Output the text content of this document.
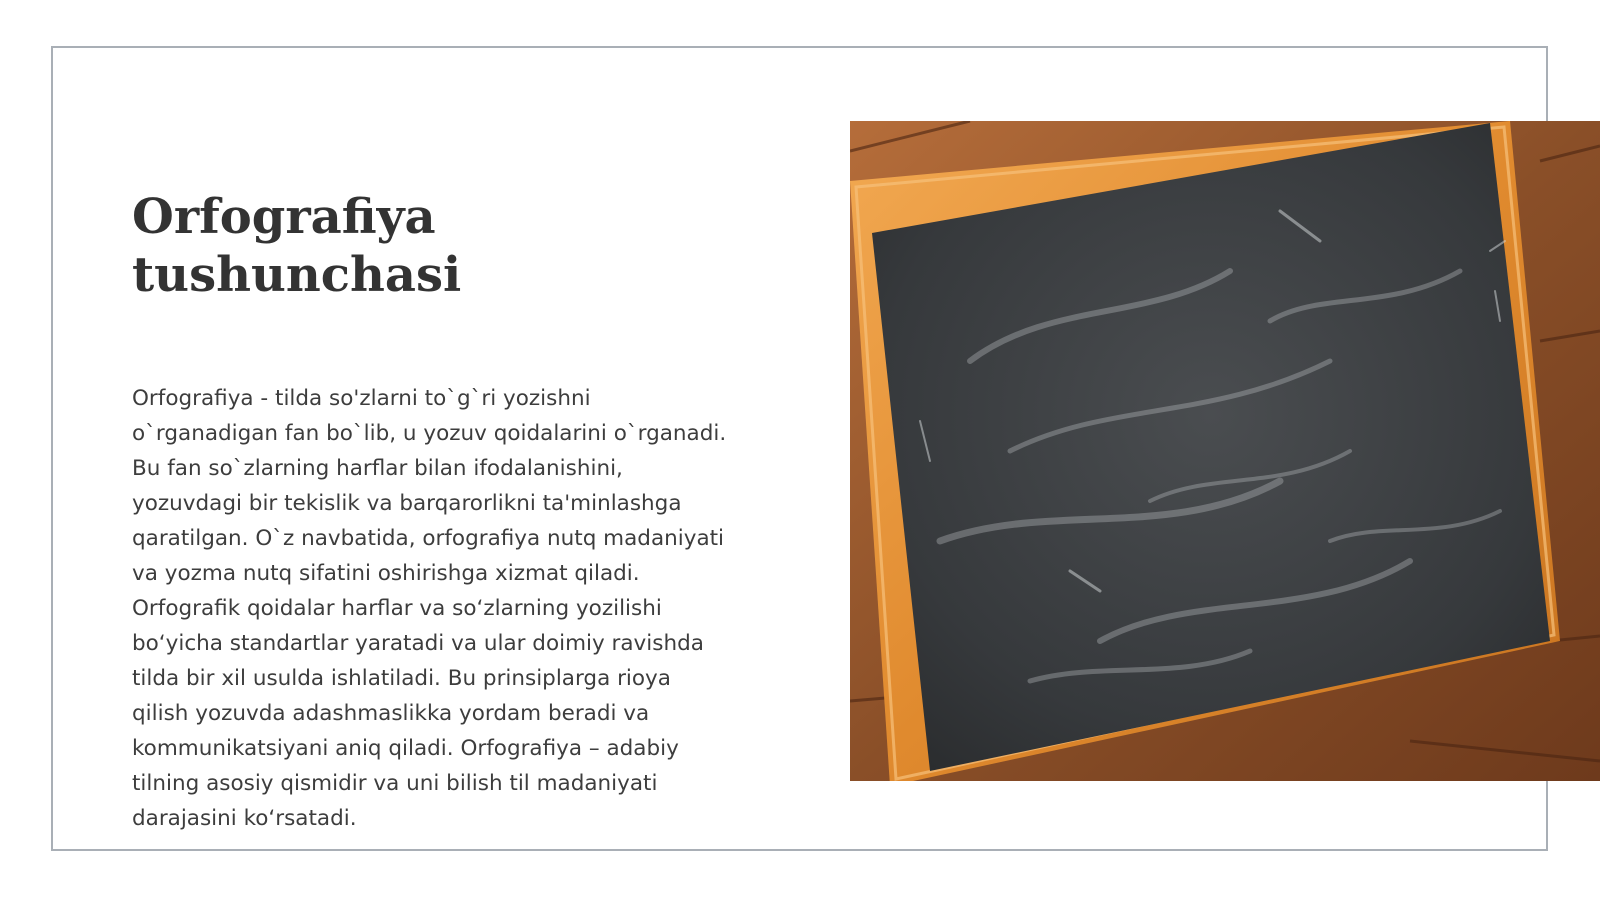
Orfografiya
tushunchasi

Orfografiya - tilda so'zlarni to`g`ri yozishni
o`rganadigan fan bo`lib, u yozuv qoidalarini o`rganadi.
Bu fan so`zlarning harflar bilan ifodalanishini,
yozuvdagi bir tekislik va barqarorlikni ta'minlashga
qaratilgan. O`z navbatida, orfografiya nutq madaniyati
va yozma nutq sifatini oshirishga xizmat qiladi.
Orfografik qoidalar harflar va so‘zlarning yozilishi
bo‘yicha standartlar yaratadi va ular doimiy ravishda
tilda bir xil usulda ishlatiladi. Bu prinsiplarga rioya
qilish yozuvda adashmaslikka yordam beradi va
kommunikatsiyani aniq qiladi. Orfografiya – adabiy
tilning asosiy qismidir va uni bilish til madaniyati
darajasini ko‘rsatadi.
